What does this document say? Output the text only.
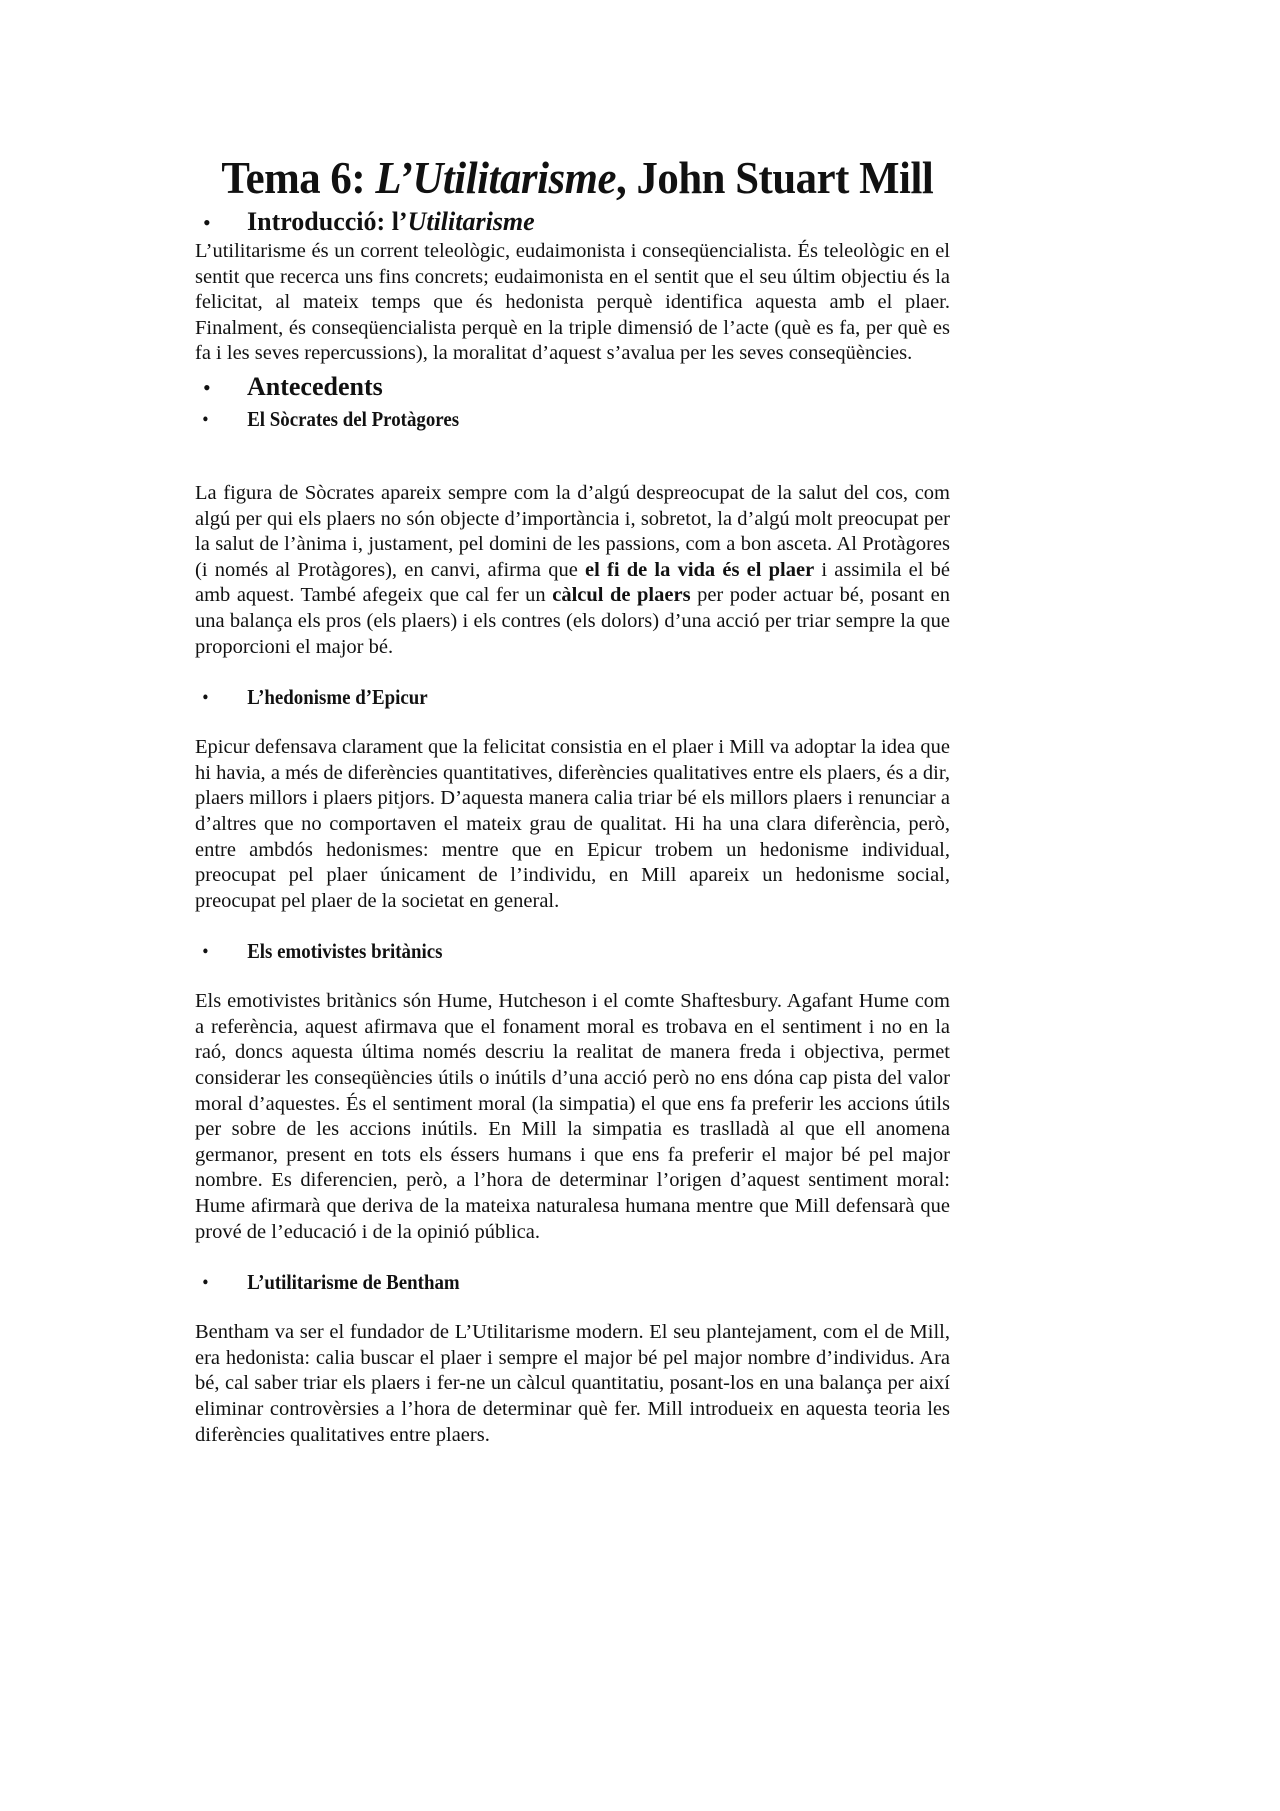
Tema 6: L’Utilitarisme, John Stuart Mill
•	Introducció: l’Utilitarisme

L’utilitarisme és un corrent teleològic, eudaimonista i conseqüencialista. És teleològic en el sentit que recerca uns fins concrets; eudaimonista en el sentit que el seu últim objectiu és la felicitat, al mateix temps que és hedonista perquè identifica aquesta amb el plaer. Finalment, és conseqüencialista perquè en la triple dimensió de l’acte (què es fa, per què es fa i les seves repercussions), la moralitat d’aquest s’avalua per les seves conseqüències.

•	Antecedents
•	El Sòcrates del Protàgores

La figura de Sòcrates apareix sempre com la d’algú despreocupat de la salut del cos, com algú per qui els plaers no són objecte d’importància i, sobretot, la d’algú molt preocupat per la salut de l’ànima i, justament, pel domini de les passions, com a bon asceta. Al Protàgores (i només al Protàgores), en canvi, afirma que el fi de la vida és el plaer i assimila el bé amb aquest. També afegeix que cal fer un càlcul de plaers per poder actuar bé, posant en una balança els pros (els plaers) i els contres (els dolors) d’una acció per triar sempre la que proporcioni el major bé.

•	L’hedonisme d’Epicur

Epicur defensava clarament que la felicitat consistia en el plaer i Mill va adoptar la idea que hi havia, a més de diferències quantitatives, diferències qualitatives entre els plaers, és a dir, plaers millors i plaers pitjors. D’aquesta manera calia triar bé els millors plaers i renunciar a d’altres que no comportaven el mateix grau de qualitat. Hi ha una clara diferència, però, entre ambdós hedonismes: mentre que en Epicur trobem un hedonisme individual, preocupat pel plaer únicament de l’individu, en Mill apareix un hedonisme social, preocupat pel plaer de la societat en general.

•	Els emotivistes britànics

Els emotivistes britànics són Hume, Hutcheson i el comte Shaftesbury. Agafant Hume com a referència, aquest afirmava que el fonament moral es trobava en el sentiment i no en la raó, doncs aquesta última només descriu la realitat de manera freda i objectiva, permet considerar les conseqüències útils o inútils d’una acció però no ens dóna cap pista del valor moral d’aquestes. És el sentiment moral (la simpatia) el que ens fa preferir les accions útils per sobre de les accions inútils. En Mill la simpatia es traslladà al que ell anomena germanor, present en tots els éssers humans i que ens fa preferir el major bé pel major nombre. Es diferencien, però, a l’hora de determinar l’origen d’aquest sentiment moral: Hume afirmarà que deriva de la mateixa naturalesa humana mentre que Mill defensarà que prové de l’educació i de la opinió pública.

•	L’utilitarisme de Bentham

Bentham va ser el fundador de L’Utilitarisme modern. El seu plantejament, com el de Mill, era hedonista: calia buscar el plaer i sempre el major bé pel major nombre d’individus. Ara bé, cal saber triar els plaers i fer-ne un càlcul quantitatiu, posant-los en una balança per així eliminar controvèrsies a l’hora de determinar què fer. Mill introdueix en aquesta teoria les diferències qualitatives entre plaers.
